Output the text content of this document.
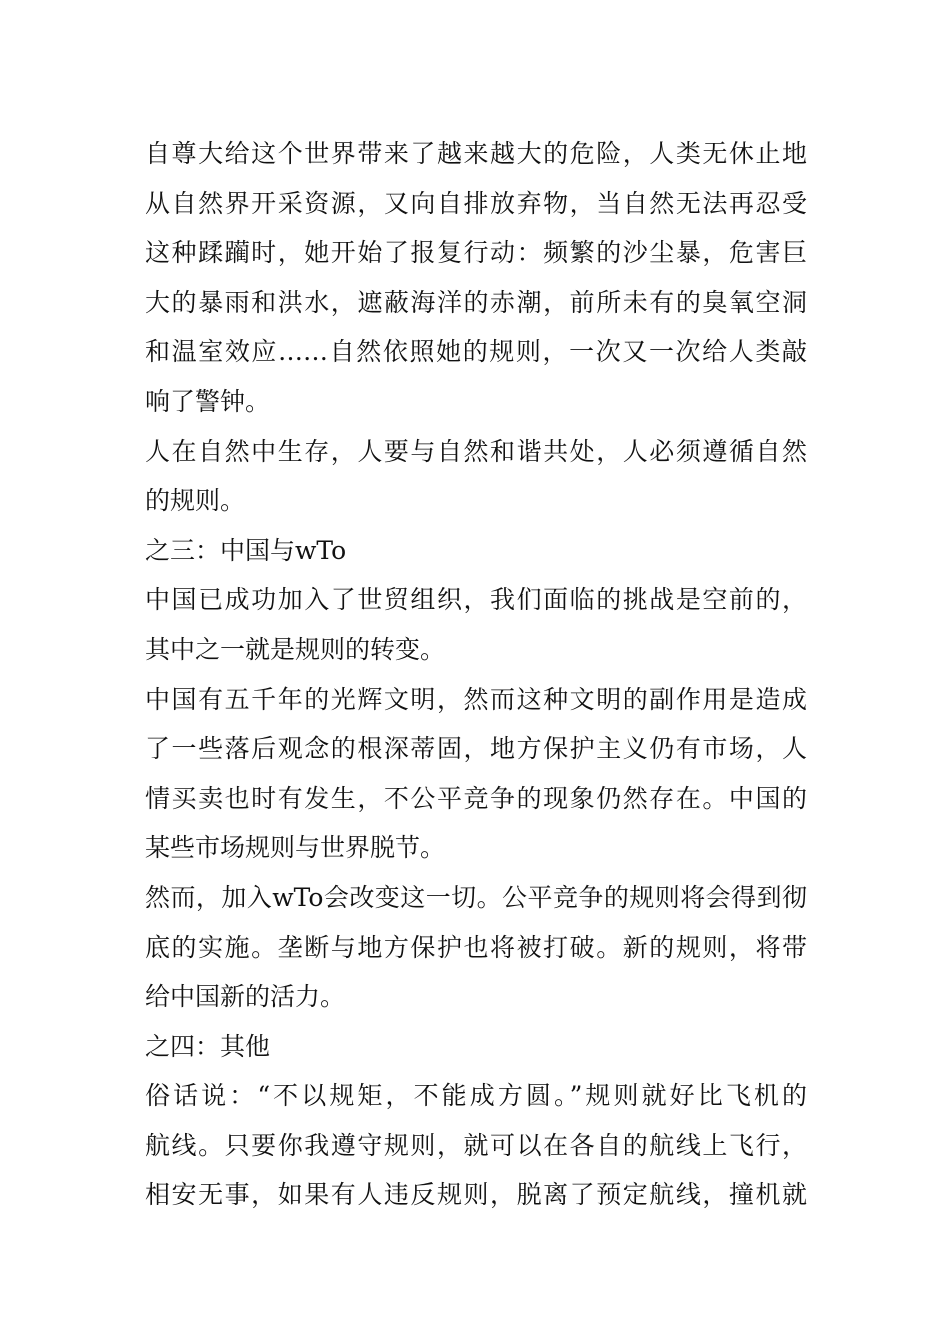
自尊大给这个世界带来了越来越大的危险，人类无休止地
从自然界开采资源，又向自排放弃物，当自然无法再忍受
这种蹂躏时，她开始了报复行动：频繁的沙尘暴，危害巨
大的暴雨和洪水，遮蔽海洋的赤潮，前所未有的臭氧空洞
和温室效应……自然依照她的规则，一次又一次给人类敲
响了警钟。
人在自然中生存，人要与自然和谐共处，人必须遵循自然
的规则。
之三：中国与wTo
中国已成功加入了世贸组织，我们面临的挑战是空前的，
其中之一就是规则的转变。
中国有五千年的光辉文明，然而这种文明的副作用是造成
了一些落后观念的根深蒂固，地方保护主义仍有市场，人
情买卖也时有发生，不公平竞争的现象仍然存在。中国的
某些市场规则与世界脱节。
然而，加入wTo会改变这一切。公平竞争的规则将会得到彻
底的实施。垄断与地方保护也将被打破。新的规则，将带
给中国新的活力。
之四：其他
俗话说：“不以规矩，不能成方圆。”规则就好比飞机的
航线。只要你我遵守规则，就可以在各自的航线上飞行，
相安无事，如果有人违反规则，脱离了预定航线，撞机就
